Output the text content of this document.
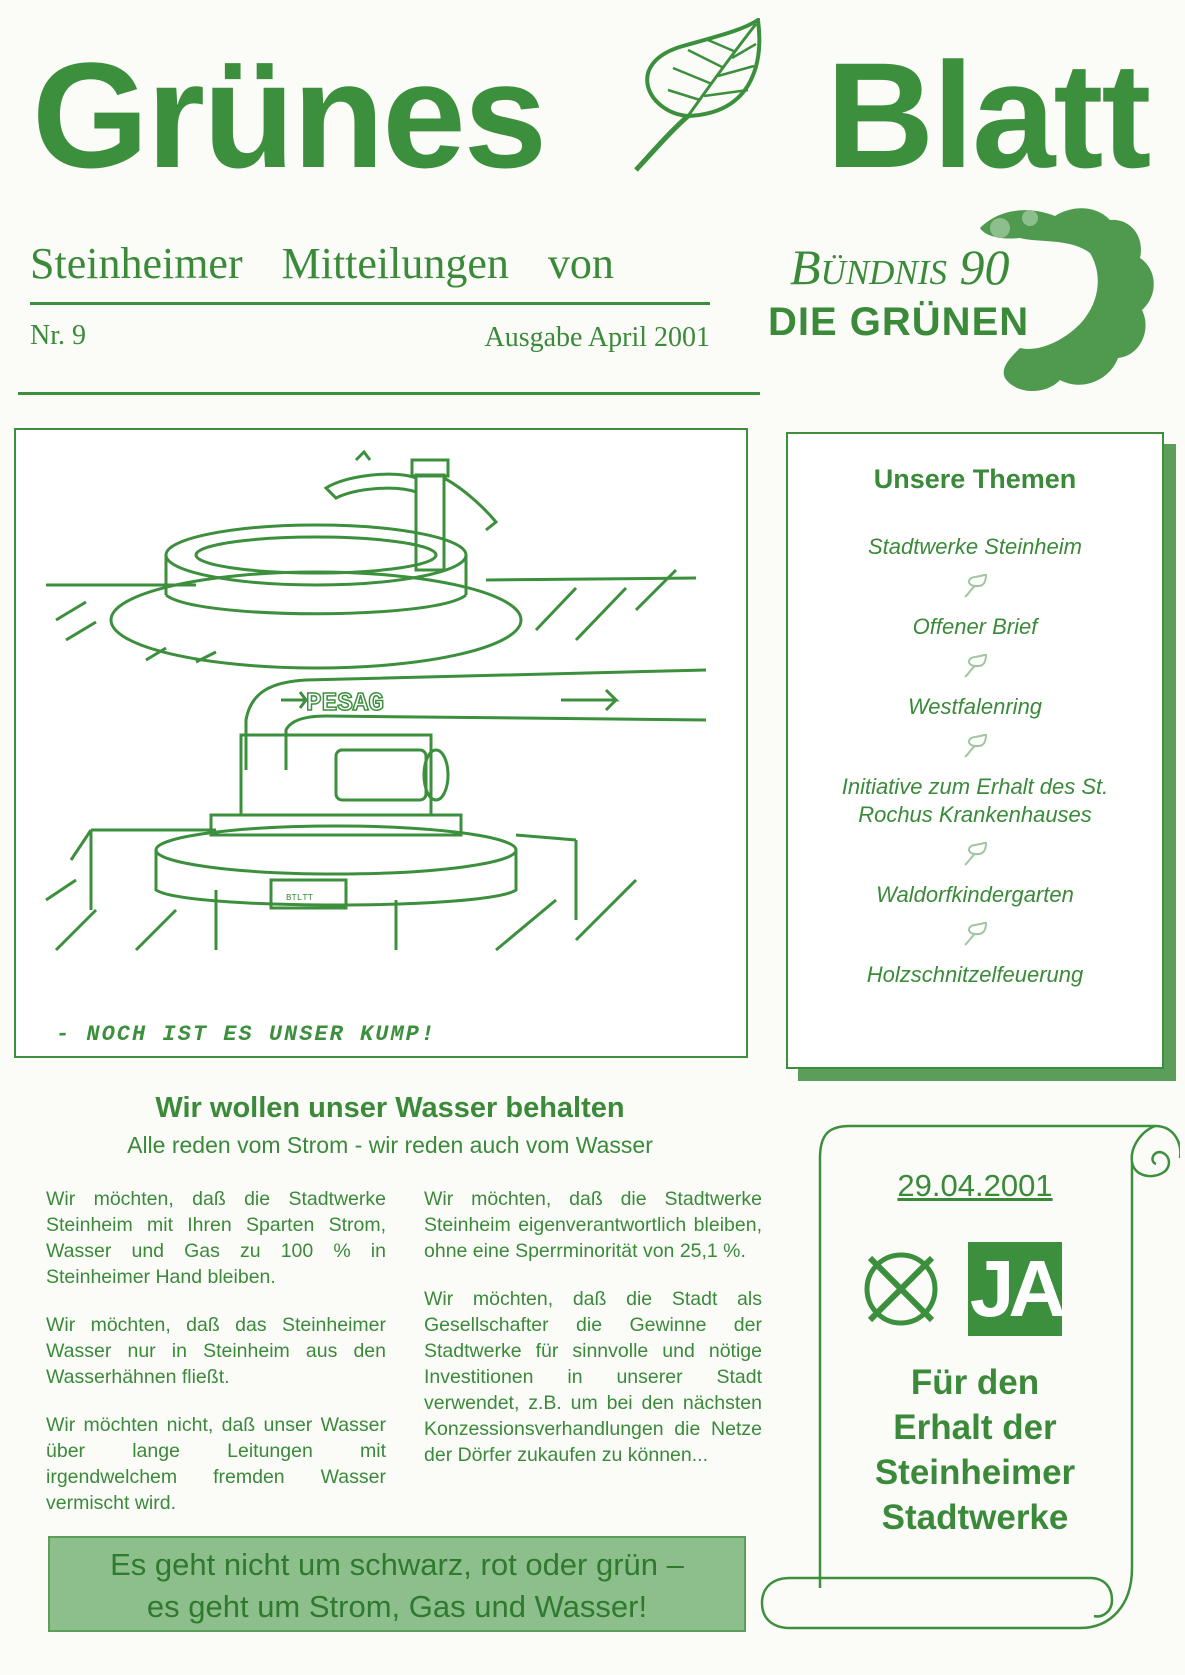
Grünes Blatt
Steinheimer Mitteilungen von
Nr. 9	Ausgabe April 2001
Bündnis 90
DIE GRÜNEN
PESAG
BTLTT
- NOCH IST ES UNSER KUMP!
Unsere Themen
Stadtwerke Steinheim
Offener Brief
Westfalenring
Initiative zum Erhalt des St. Rochus Krankenhauses
Waldorfkindergarten
Holzschnitzelfeuerung
Wir wollen unser Wasser behalten
Alle reden vom Strom - wir reden auch vom Wasser

Wir möchten, daß die Stadtwerke Steinheim mit Ihren Sparten Strom, Wasser und Gas zu 100 % in Steinheimer Hand bleiben.

Wir möchten, daß das Steinheimer Wasser nur in Steinheim aus den Wasserhähnen fließt.

Wir möchten nicht, daß unser Wasser über lange Leitungen mit irgendwelchem fremden Wasser vermischt wird.

Wir möchten, daß die Stadtwerke Steinheim eigenverantwortlich bleiben, ohne eine Sperrminorität von 25,1 %.

Wir möchten, daß die Stadt als Gesellschafter die Gewinne der Stadtwerke für sinnvolle und nötige Investitionen in unserer Stadt verwendet, z.B. um bei den nächsten Konzessionsverhandlungen die Netze der Dörfer zukaufen zu können...

Es geht nicht um schwarz, rot oder grün –
es geht um Strom, Gas und Wasser!
29.04.2001
JA
Für den
Erhalt der
Steinheimer
Stadtwerke
